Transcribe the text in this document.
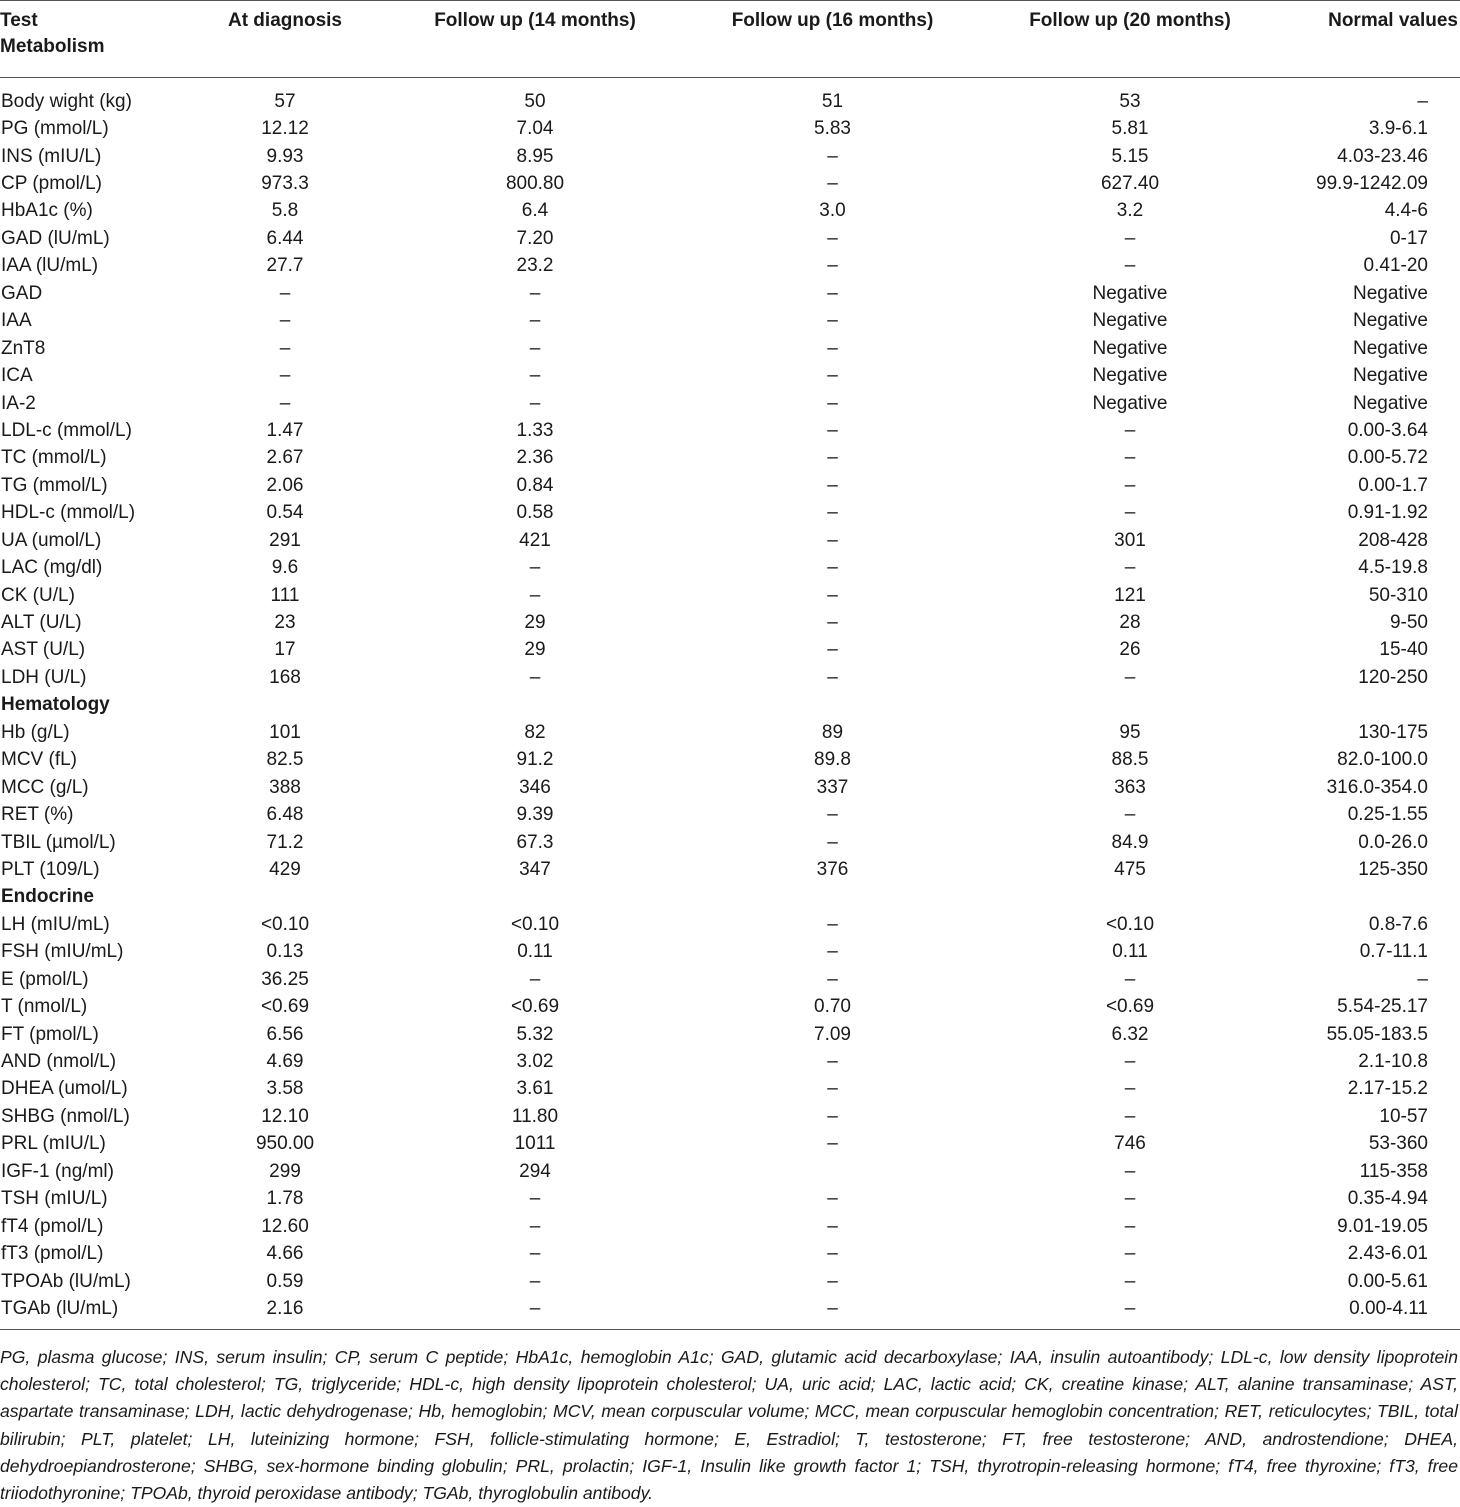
Test
Metabolism	At diagnosis	Follow up (14 months)	Follow up (16 months)	Follow up (20 months)	Normal values

Body wight (kg)	57	50	51	53	–
PG (mmol/L)	12.12	7.04	5.83	5.81	3.9-6.1
INS (mIU/L)	9.93	8.95	–	5.15	4.03-23.46
CP (pmol/L)	973.3	800.80	–	627.40	99.9-1242.09
HbA1c (%)	5.8	6.4	3.0	3.2	4.4-6
GAD (lU/mL)	6.44	7.20	–	–	0-17
IAA (lU/mL)	27.7	23.2	–	–	0.41-20
GAD	–	–	–	Negative	Negative
IAA	–	–	–	Negative	Negative
ZnT8	–	–	–	Negative	Negative
ICA	–	–	–	Negative	Negative
IA-2	–	–	–	Negative	Negative
LDL-c (mmol/L)	1.47	1.33	–	–	0.00-3.64
TC (mmol/L)	2.67	2.36	–	–	0.00-5.72
TG (mmol/L)	2.06	0.84	–	–	0.00-1.7
HDL-c (mmol/L)	0.54	0.58	–	–	0.91-1.92
UA (umol/L)	291	421	–	301	208-428
LAC (mg/dl)	9.6	–	–	–	4.5-19.8
CK (U/L)	111	–	–	121	50-310
ALT (U/L)	23	29	–	28	9-50
AST (U/L)	17	29	–	26	15-40
LDH (U/L)	168	–	–	–	120-250
Hematology					
Hb (g/L)	101	82	89	95	130-175
MCV (fL)	82.5	91.2	89.8	88.5	82.0-100.0
MCC (g/L)	388	346	337	363	316.0-354.0
RET (%)	6.48	9.39	–	–	0.25-1.55
TBIL (µmol/L)	71.2	67.3	–	84.9	0.0-26.0
PLT (109/L)	429	347	376	475	125-350
Endocrine					
LH (mIU/mL)	<0.10	<0.10	–	<0.10	0.8-7.6
FSH (mIU/mL)	0.13	0.11	–	0.11	0.7-11.1
E (pmol/L)	36.25	–	–	–	–
T (nmol/L)	<0.69	<0.69	0.70	<0.69	5.54-25.17
FT (pmol/L)	6.56	5.32	7.09	6.32	55.05-183.5
AND (nmol/L)	4.69	3.02	–	–	2.1-10.8
DHEA (umol/L)	3.58	3.61	–	–	2.17-15.2
SHBG (nmol/L)	12.10	11.80	–	–	10-57
PRL (mIU/L)	950.00	1011	–	746	53-360
IGF-1 (ng/ml)	299	294		–	115-358
TSH (mIU/L)	1.78	–	–	–	0.35-4.94
fT4 (pmol/L)	12.60	–	–	–	9.01-19.05
fT3 (pmol/L)	4.66	–	–	–	2.43-6.01
TPOAb (lU/mL)	0.59	–	–	–	0.00-5.61
TGAb (lU/mL)	2.16	–	–	–	0.00-4.11
PG, plasma glucose; INS, serum insulin; CP, serum C peptide; HbA1c, hemoglobin A1c; GAD, glutamic acid decarboxylase; IAA, insulin autoantibody; LDL-c, low density lipoprotein cholesterol; TC, total cholesterol; TG, triglyceride; HDL-c, high density lipoprotein cholesterol; UA, uric acid; LAC, lactic acid; CK, creatine kinase; ALT, alanine transaminase; AST, aspartate transaminase; LDH, lactic dehydrogenase; Hb, hemoglobin; MCV, mean corpuscular volume; MCC, mean corpuscular hemoglobin concentration; RET, reticulocytes; TBIL, total bilirubin; PLT, platelet; LH, luteinizing hormone; FSH, follicle-stimulating hormone; E, Estradiol; T, testosterone; FT, free testosterone; AND, androstendione; DHEA, dehydroepiandrosterone; SHBG, sex-hormone binding globulin; PRL, prolactin; IGF-1, Insulin like growth factor 1; TSH, thyrotropin-releasing hormone; fT4, free thyroxine; fT3, free triiodothyronine; TPOAb, thyroid peroxidase antibody; TGAb, thyroglobulin antibody.
